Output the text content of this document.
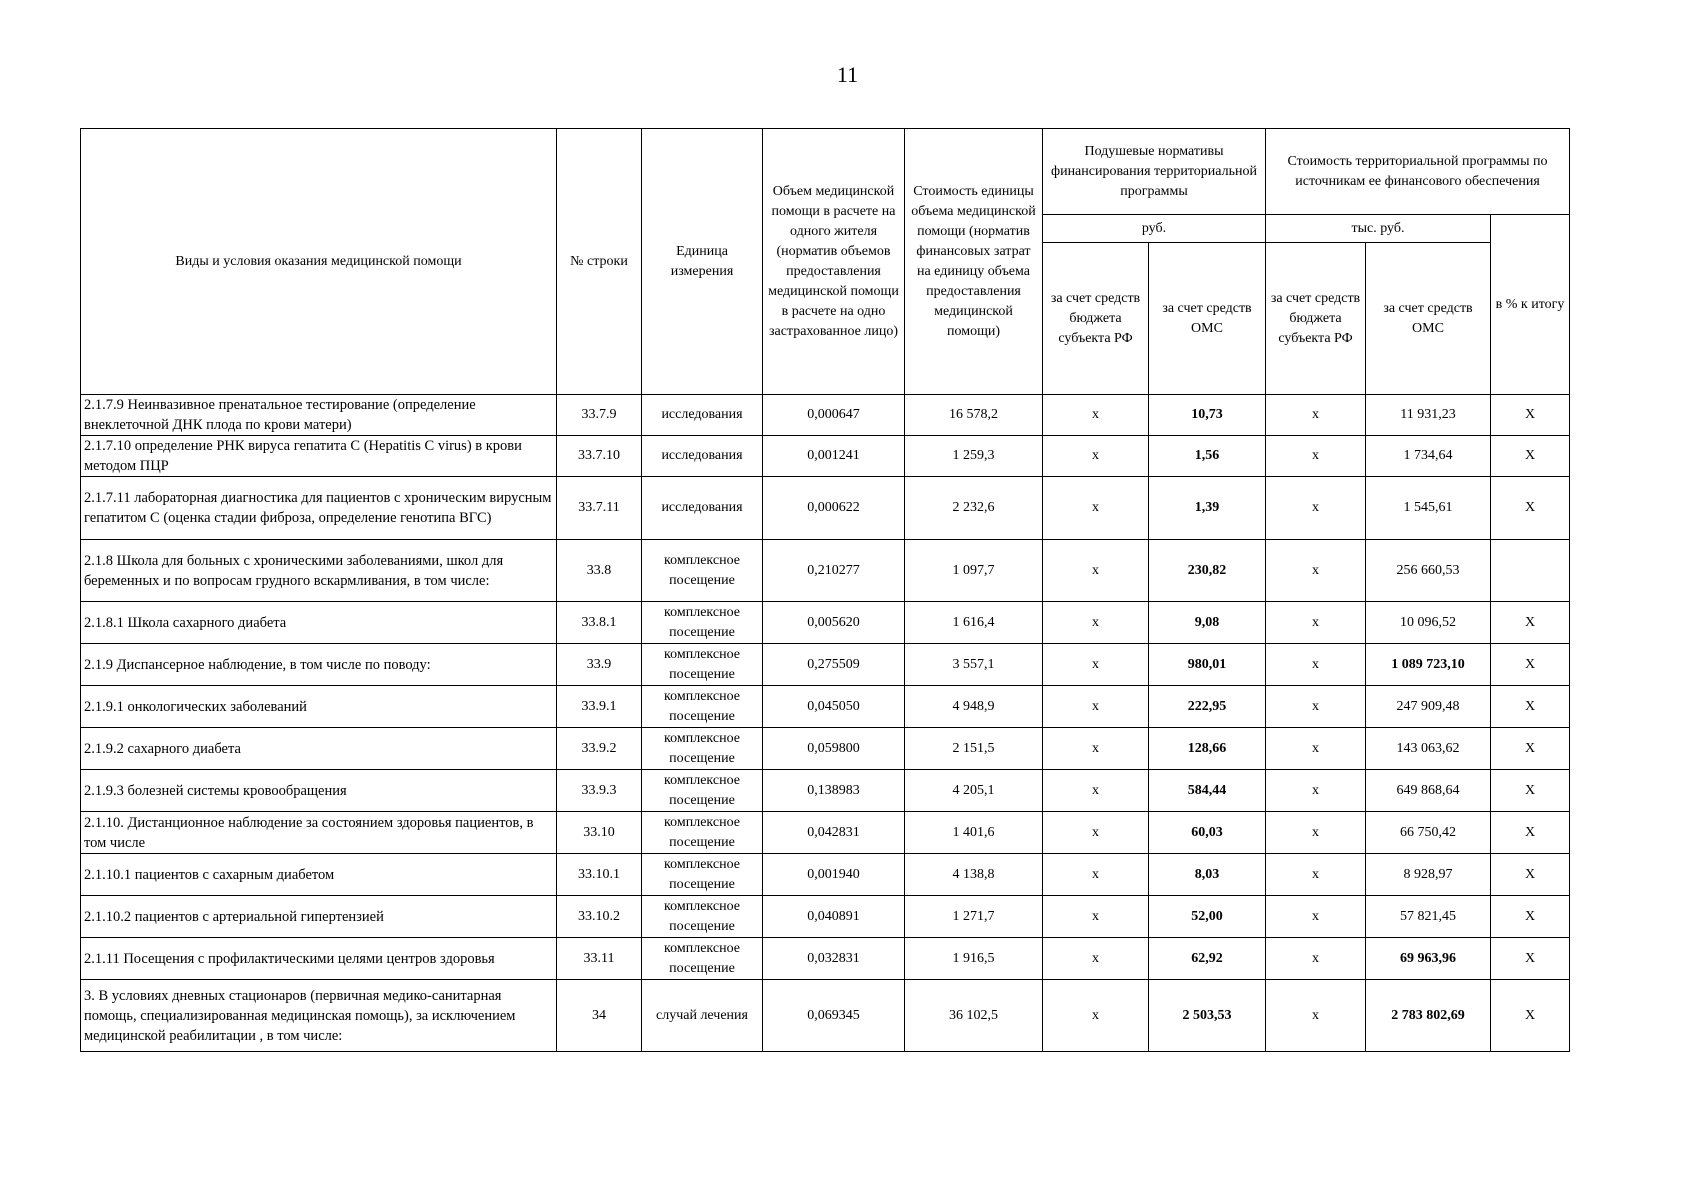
11
Виды и условия оказания медицинской помощи	№ строки	Единица измерения	Объем медицинской помощи в расчете на одного жителя (норматив объемов предоставления медицинской помощи в расчете на одно застрахованное лицо)	Стоимость единицы объема медицинской помощи (норматив финансовых затрат на единицу объема предоставления медицинской помощи)	Подушевые нормативы финансирования территориальной программы		Стоимость территориальной программы по источникам ее финансового обеспечения		
					руб.		тыс. руб.		в % к итогу
					за счет средств бюджета субъекта РФ	за счет средств ОМС	за счет средств бюджета субъекта РФ	за счет средств ОМС	
2.1.7.9 Неинвазивное пренатальное тестирование (определение внеклеточной ДНК плода по крови матери)	33.7.9	исследования	0,000647	16 578,2	х	10,73	х	11 931,23	Х
2.1.7.10 определение РНК вируса гепатита С (Hepatitis C virus) в крови методом ПЦР	33.7.10	исследования	0,001241	1 259,3	х	1,56	х	1 734,64	Х
2.1.7.11 лабораторная диагностика для пациентов с хроническим вирусным гепатитом С (оценка стадии фиброза, определение генотипа ВГС)	33.7.11	исследования	0,000622	2 232,6	х	1,39	х	1 545,61	Х
2.1.8 Школа для больных с хроническими заболеваниями, школ для беременных и по вопросам грудного вскармливания, в том числе:	33.8	комплексное посещение	0,210277	1 097,7	х	230,82	х	256 660,53	
2.1.8.1 Школа сахарного диабета	33.8.1	комплексное посещение	0,005620	1 616,4	х	9,08	х	10 096,52	Х
2.1.9 Диспансерное наблюдение, в том числе по поводу:	33.9	комплексное посещение	0,275509	3 557,1	х	980,01	х	1 089 723,10	Х
2.1.9.1 онкологических заболеваний	33.9.1	комплексное посещение	0,045050	4 948,9	х	222,95	х	247 909,48	Х
2.1.9.2 сахарного диабета	33.9.2	комплексное посещение	0,059800	2 151,5	х	128,66	х	143 063,62	Х
2.1.9.3 болезней системы кровообращения	33.9.3	комплексное посещение	0,138983	4 205,1	х	584,44	х	649 868,64	Х
2.1.10. Дистанционное наблюдение за состоянием здоровья пациентов, в том числе	33.10	комплексное посещение	0,042831	1 401,6	х	60,03	х	66 750,42	Х
2.1.10.1 пациентов с сахарным диабетом	33.10.1	комплексное посещение	0,001940	4 138,8	х	8,03	х	8 928,97	Х
2.1.10.2 пациентов с артериальной гипертензией	33.10.2	комплексное посещение	0,040891	1 271,7	х	52,00	х	57 821,45	Х
2.1.11 Посещения с профилактическими целями центров здоровья	33.11	комплексное посещение	0,032831	1 916,5	х	62,92	х	69 963,96	Х
3. В условиях дневных стационаров (первичная медико-санитарная помощь, специализированная медицинская помощь), за исключением медицинской реабилитации , в том числе:	34	случай лечения	0,069345	36 102,5	х	2 503,53	х	2 783 802,69	Х
